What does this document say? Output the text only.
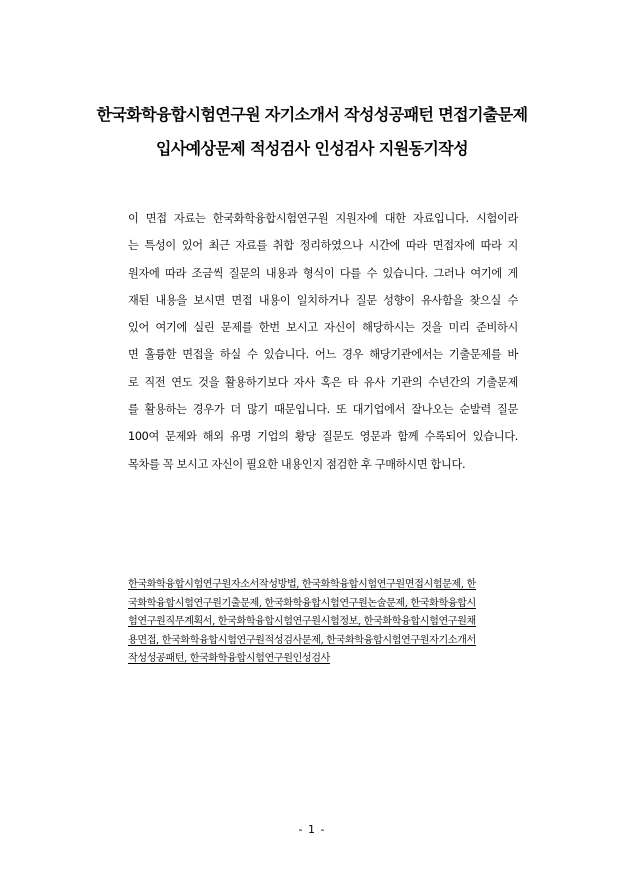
한국화학융합시험연구원 자기소개서 작성성공패턴 면접기출문제
입사예상문제 적성검사 인성검사 지원동기작성
이 면접 자료는 한국화학융합시험연구원 지원자에 대한 자료입니다. 시험이라
는 특성이 있어 최근 자료를 취합 정리하였으나 시간에 따라 면접자에 따라 지
원자에 따라 조금씩 질문의 내용과 형식이 다를 수 있습니다. 그러나 여기에 게
재된 내용을 보시면 면접 내용이 일치하거나 질문 성향이 유사함을 찾으실 수
있어 여기에 실린 문제를 한번 보시고 자신이 해당하시는 것을 미리 준비하시
면 훌륭한 면접을 하실 수 있습니다. 어느 경우 해당기관에서는 기출문제를 바
로 직전 연도 것을 활용하기보다 자사 혹은 타 유사 기관의 수년간의 기출문제
를 활용하는 경우가 더 많기 때문입니다. 또 대기업에서 잘나오는 순발력 질문
100여 문제와 해외 유명 기업의 황당 질문도 영문과 함께 수록되어 있습니다.
목차를 꼭 보시고 자신이 필요한 내용인지 점검한 후 구매하시면 합니다.
한국화학융합시험연구원자소서작성방법, 한국화학융합시험연구원면접시험문제, 한
국화학융합시험연구원기출문제, 한국화학융합시험연구원논술문제, 한국화학융합시
험연구원직무계획서, 한국화학융합시험연구원시험정보, 한국화학융합시험연구원채
용면접, 한국화학융합시험연구원적성검사문제, 한국화학융합시험연구원자기소개서
작성성공패턴, 한국화학융합시험연구원인성검사
- 1 -
